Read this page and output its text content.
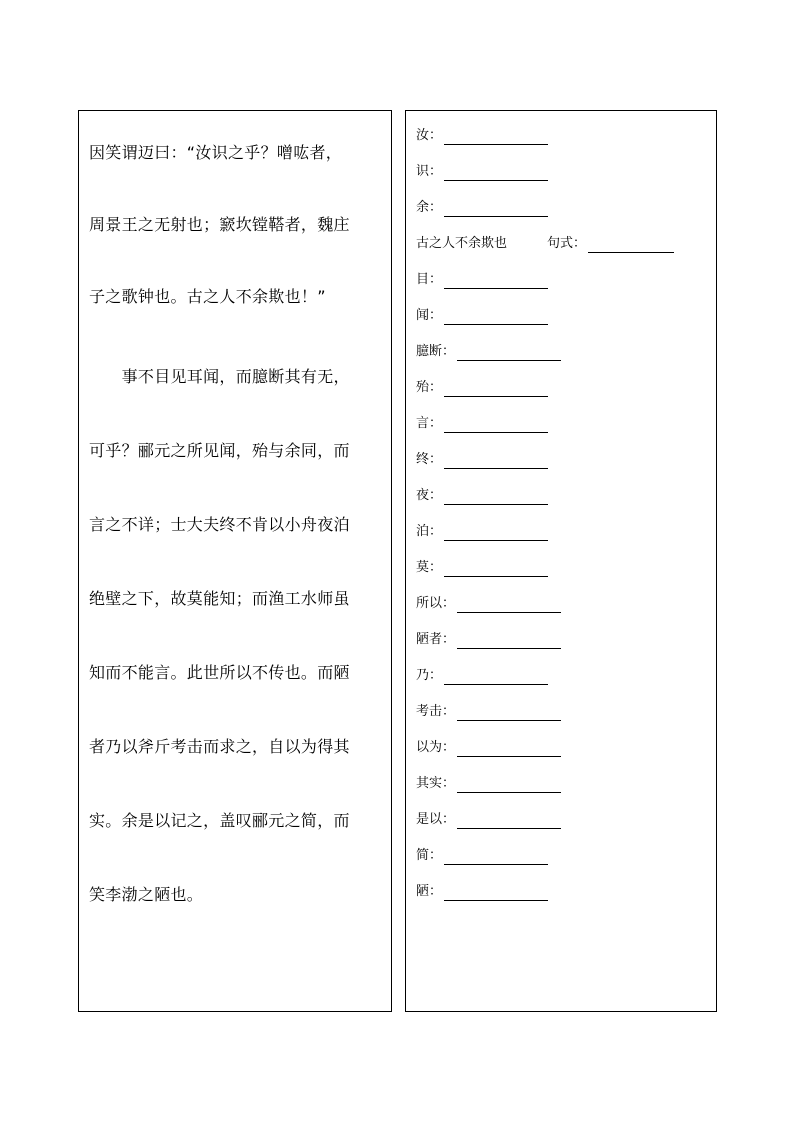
因笑谓迈曰：“汝识之乎？噌吰者，
周景王之无射也；窾坎镗鞳者，魏庄
子之歌钟也。古之人不余欺也！”
　　事不目见耳闻，而臆断其有无，
可乎？郦元之所见闻，殆与余同，而
言之不详；士大夫终不肯以小舟夜泊
绝壁之下，故莫能知；而渔工水师虽
知而不能言。此世所以不传也。而陋
者乃以斧斤考击而求之，自以为得其
实。余是以记之，盖叹郦元之简，而
笑李渤之陋也。
汝：
识：
余：
古之人不余欺也	句式：
目：
闻：
臆断：
殆：
言：
终：
夜：
泊：
莫：
所以：
陋者：
乃：
考击：
以为：
其实：
是以：
简：
陋：
